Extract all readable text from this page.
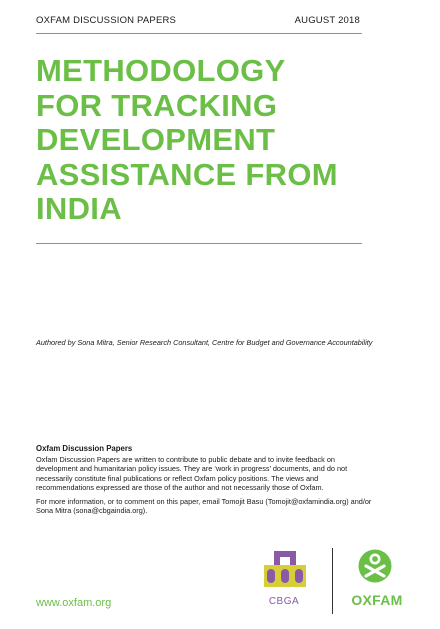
OXFAM DISCUSSION PAPERS	AUGUST 2018
METHODOLOGY
FOR TRACKING
DEVELOPMENT
ASSISTANCE FROM
INDIA
Authored by Sona Mitra, Senior Research Consultant, Centre for Budget and Governance Accountability
Oxfam Discussion Papers

Oxfam Discussion Papers are written to contribute to public debate and to invite feedback on development and humanitarian policy issues. They are ‘work in progress’ documents, and do not necessarily constitute final publications or reflect Oxfam policy positions. The views and recommendations expressed are those of the author and not necessarily those of Oxfam.

For more information, or to comment on this paper, email Tomojit Basu (Tomojit@oxfamindia.org) and/or Sona Mitra (sona@cbgaindia.org).

www.oxfam.org	CBGA	OXFAM
